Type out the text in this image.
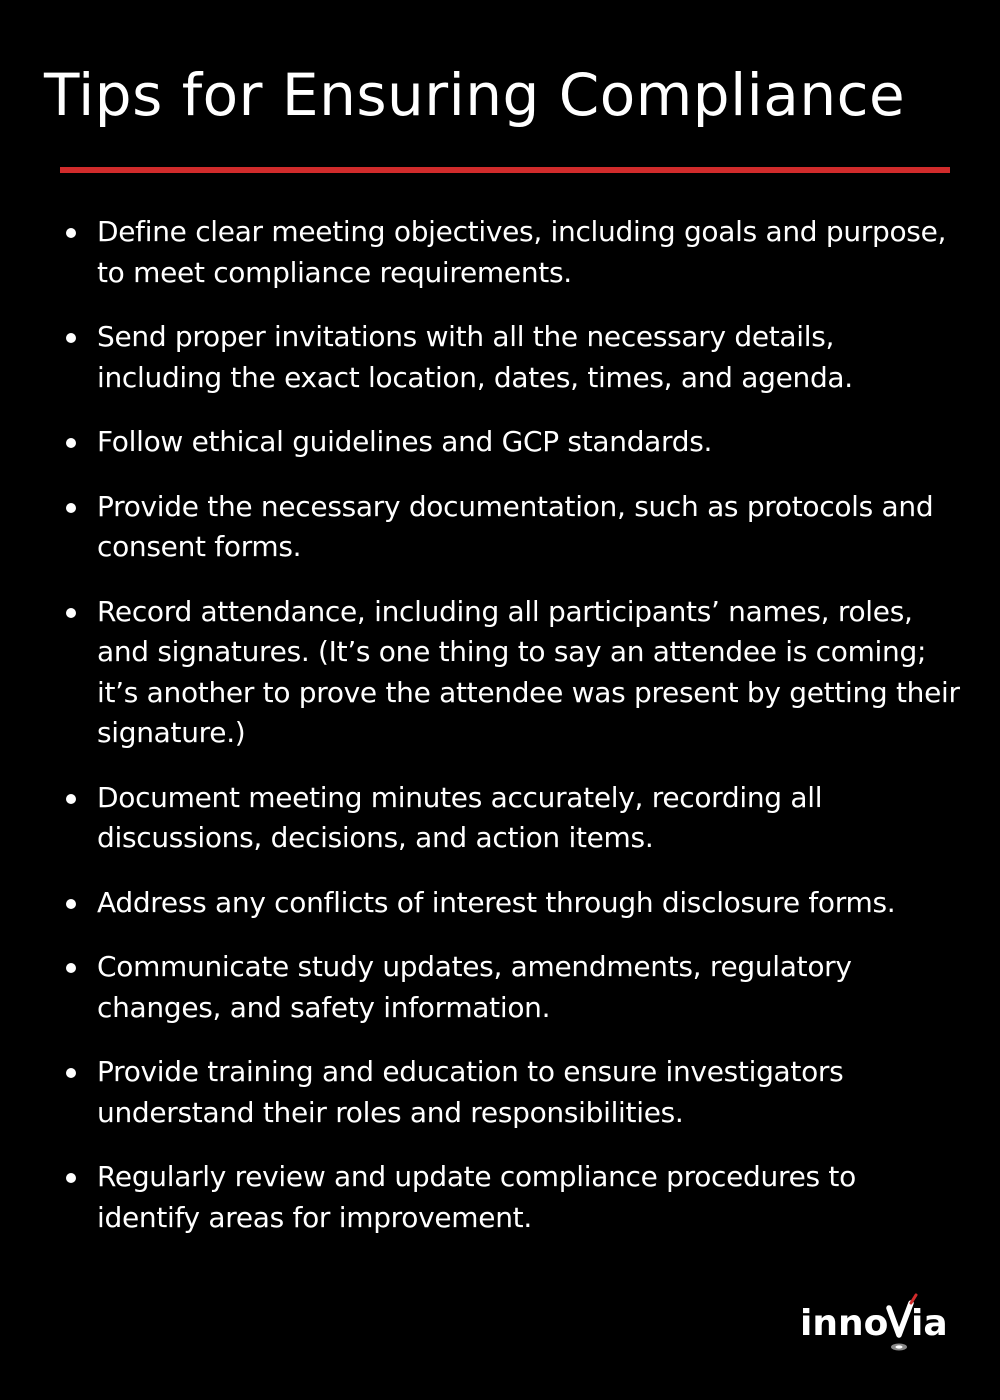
Tips for Ensuring Compliance
Define clear meeting objectives, including goals and purpose, to meet compliance requirements.
Send proper invitations with all the necessary details, including the exact location, dates, times, and agenda.
Follow ethical guidelines and GCP standards.
Provide the necessary documentation, such as protocols and consent forms.
Record attendance, including all participants’ names, roles, and signatures. (It’s one thing to say an attendee is coming; it’s another to prove the attendee was present by getting their signature.)
Document meeting minutes accurately, recording all discussions, decisions, and action items.
Address any conflicts of interest through disclosure forms.
Communicate study updates, amendments, regulatory changes, and safety information.
Provide training and education to ensure investigators understand their roles and responsibilities.
Regularly review and update compliance procedures to identify areas for improvement.
inno ia
